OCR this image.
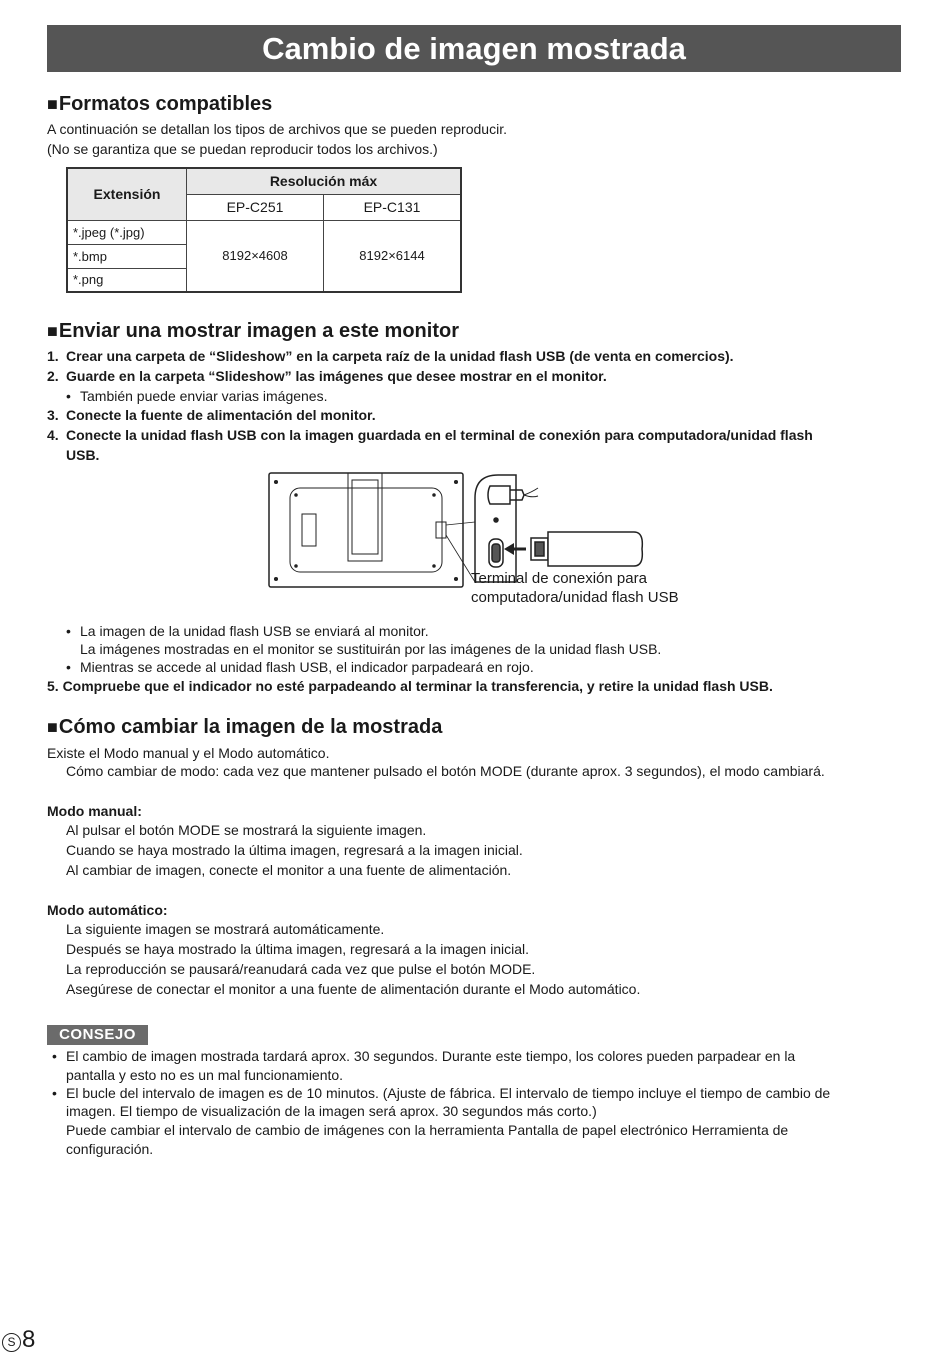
Cambio de imagen mostrada
■Formatos compatibles
A continuación se detallan los tipos de archivos que se pueden reproducir.
(No se garantiza que se puedan reproducir todos los archivos.)
Extensión	Resolución máx	
	EP-C251	EP-C131
*.jpeg (*.jpg)	8192×4608	8192×6144
*.bmp		
*.png		
■Enviar una mostrar imagen a este monitor
1. Crear una carpeta de “Slideshow” en la carpeta raíz de la unidad flash USB (de venta en comercios).
2. Guarde en la carpeta “Slideshow” las imágenes que desee mostrar en el monitor.
• También puede enviar varias imágenes.
3. Conecte la fuente de alimentación del monitor.
4. Conecte la unidad flash USB con la imagen guardada en el terminal de conexión para computadora/unidad flash
USB.
Terminal de conexión para
computadora/unidad flash USB
• La imagen de la unidad flash USB se enviará al monitor.
La imágenes mostradas en el monitor se sustituirán por las imágenes de la unidad flash USB.
• Mientras se accede al unidad flash USB, el indicador parpadeará en rojo.
5. Compruebe que el indicador no esté parpadeando al terminar la transferencia, y retire la unidad flash USB.
■Cómo cambiar la imagen de la mostrada
Existe el Modo manual y el Modo automático.
Cómo cambiar de modo: cada vez que mantener pulsado el botón MODE (durante aprox. 3 segundos), el modo cambiará.
Modo manual:
Al pulsar el botón MODE se mostrará la siguiente imagen.
Cuando se haya mostrado la última imagen, regresará a la imagen inicial.
Al cambiar de imagen, conecte el monitor a una fuente de alimentación.
Modo automático:
La siguiente imagen se mostrará automáticamente.
Después se haya mostrado la última imagen, regresará a la imagen inicial.
La reproducción se pausará/reanudará cada vez que pulse el botón MODE.
Asegúrese de conectar el monitor a una fuente de alimentación durante el Modo automático.
CONSEJO
• El cambio de imagen mostrada tardará aprox. 30 segundos. Durante este tiempo, los colores pueden parpadear en la
pantalla y esto no es un mal funcionamiento.
• El bucle del intervalo de imagen es de 10 minutos. (Ajuste de fábrica. El intervalo de tiempo incluye el tiempo de cambio de
imagen. El tiempo de visualización de la imagen será aprox. 30 segundos más corto.)
Puede cambiar el intervalo de cambio de imágenes con la herramienta Pantalla de papel electrónico Herramienta de
configuración.
S 8
